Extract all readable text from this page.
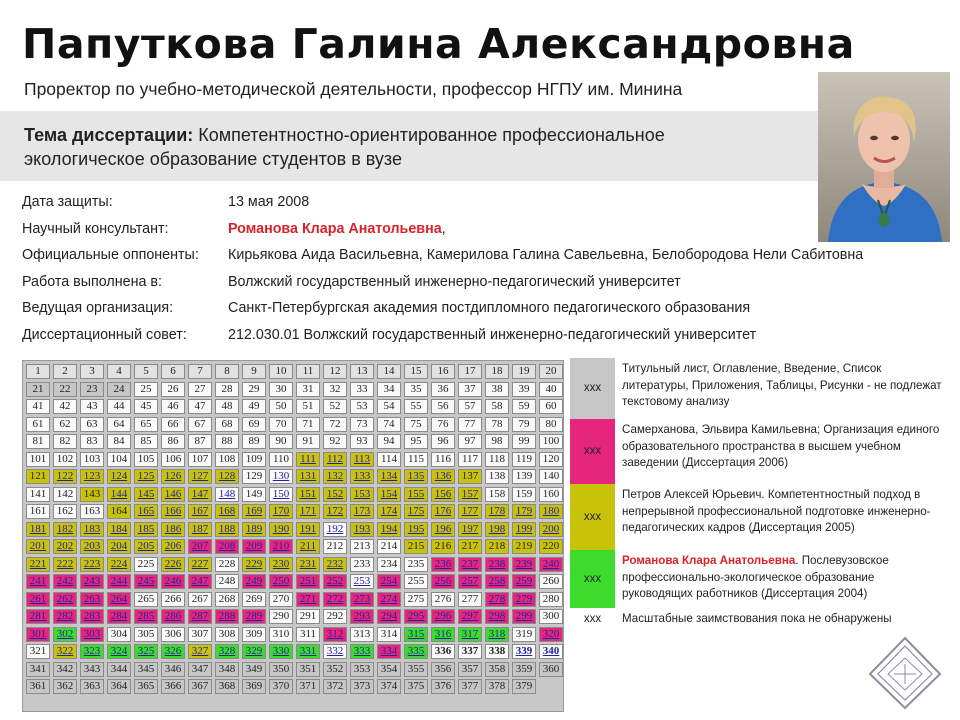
Папуткова Галина Александровна
Проректор по учебно-методической деятельности, профессор НГПУ им. Минина
Тема диссертации: Компетентностно-ориентированное профессиональное экологическое образование студентов в вузе
Дата защиты:	13 мая 2008
Научный консультант:	Романова Клара Анатольевна,
Официальные оппоненты: Кирьякова Аида Васильевна, Камерилова Галина Савельевна, Белобородова Нели Сабитовна
Работа выполнена в:	Волжский государственный инженерно-педагогический университет
Ведущая организация:	Санкт-Петербургская академия постдипломного педагогического образования
Диссертационный совет:	212.030.01 Волжский государственный инженерно-педагогический университет
1	2	3	4	5	6	7	8	9	10	11	12	13	14	15	16	17	18	19	20
21	22	23	24	25	26	27	28	29	30	31	32	33	34	35	36	37	38	39	40
41	42	43	44	45	46	47	48	49	50	51	52	53	54	55	56	57	58	59	60
61	62	63	64	65	66	67	68	69	70	71	72	73	74	75	76	77	78	79	80
81	82	83	84	85	86	87	88	89	90	91	92	93	94	95	96	97	98	99	100
101 102 103 104 105 106 107 108 109 110	111	112 113 114 115 116 117 118 119 120
121 122 123 124 125 126 127 128 129 130 131 132 133 134 135 136 137 138 139 140
141 142 143 144 145 146 147 148 149 150 151 152 153 154 155 156 157 158 159 160
161 162 163 164 165 166 167 168 169 170 171 172 173 174 175 176 177 178 179 180
181 182 183 184 185 186 187 188 189 190 191 192 193 194 195 196 197 198 199 200
201 202 203 204 205 206 207 208 209 210 211 212 213 214 215 216 217 218 219 220
221 222 223 224 225 226 227 228 229 230 231 232 233 234 235 236 237 238 239 240
241 242 243 244 245 246 247 248 249 250 251 252 253 254 255 256 257 258 259 260
261 262 263 264 265 266 267 268 269 270 271 272 273 274 275 276 277 278 279 280
281 282 283 284 285 286 287 288 289 290 291 292 293 294 295 296 297 298 299 300
301 302 303 304 305 306 307 308 309 310 311 312 313 314 315 316 317 318 319 320
321 322 323 324 325 326 327 328 329 330 331 332 333 334 335 336 337 338 339 340
341 342 343 344 345 346 347 348 349 350 351 352 353 354 355 356 357 358 359 360
361 362 363 364 365 366 367 368 369 370 371 372 373 374 375 376 377 378 379
xxx
Титульный лист, Оглавление, Введение, Список литературы, Приложения, Таблицы, Рисунки - не подлежат текстовому анализу
xxx
Самерханова, Эльвира Камильевна; Организация единого образовательного пространства в высшем учебном заведении (Диссертация 2006)
xxx
Петров Алексей Юрьевич. Компетентностный подход в непрерывной профессиональной подготовке инженерно-педагогических кадров (Диссертация 2005)
xxx
Романова Клара Анатольевна. Послевузовское профессионально-экологическое образование руководящих работников (Диссертация 2004)
xxx	Масштабные заимствования пока не обнаружены
